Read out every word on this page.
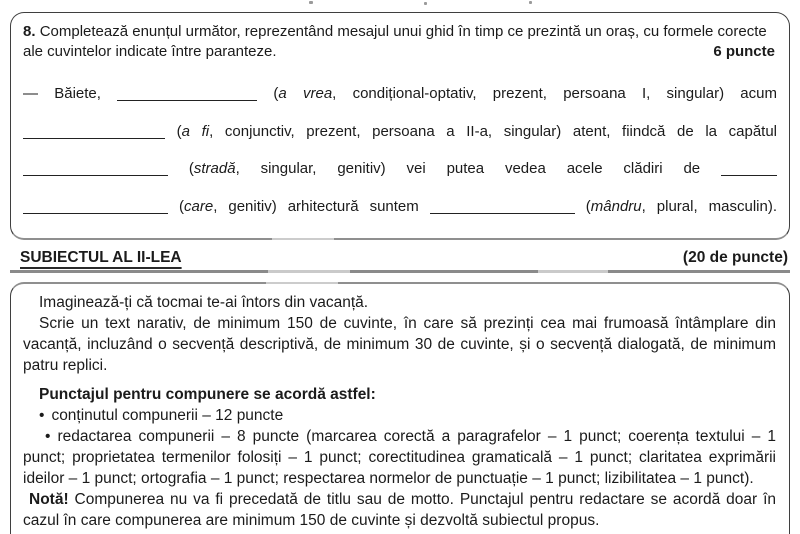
8. Completează enunțul următor, reprezentând mesajul unui ghid în timp ce prezintă un oraș, cu formele corecte ale cuvintelor indicate între paranteze.	6 puncte

— Băiete,	(a vrea, condițional-optativ, prezent, persoana I, singular) acum
(a fi, conjunctiv, prezent, persoana a II-a, singular) atent, fiindcă de la capătul
(stradă, singular, genitiv) vei putea vedea acele clădiri de
(care, genitiv) arhitectură suntem	(mândru, plural, masculin).
SUBIECTUL AL II-LEA	(20 de puncte)

Imaginează-ți că tocmai te-ai întors din vacanță.

Scrie un text narativ, de minimum 150 de cuvinte, în care să prezinți cea mai frumoasă întâmplare din vacanță, incluzând o secvență descriptivă, de minimum 30 de cuvinte, și o secvență dialogată, de minimum patru replici.

Punctajul pentru compunere se acordă astfel:

• conținutul compunerii – 12 puncte

• redactarea compunerii – 8 puncte (marcarea corectă a paragrafelor – 1 punct; coerența textului – 1 punct; proprietatea termenilor folosiți – 1 punct; corectitudinea gramaticală – 1 punct; claritatea exprimării ideilor – 1 punct; ortografia – 1 punct; respectarea normelor de punctuație – 1 punct; lizibilitatea – 1 punct).

Notă! Compunerea nu va fi precedată de titlu sau de motto. Punctajul pentru redactare se acordă doar în cazul în care compunerea are minimum 150 de cuvinte și dezvoltă subiectul propus.
